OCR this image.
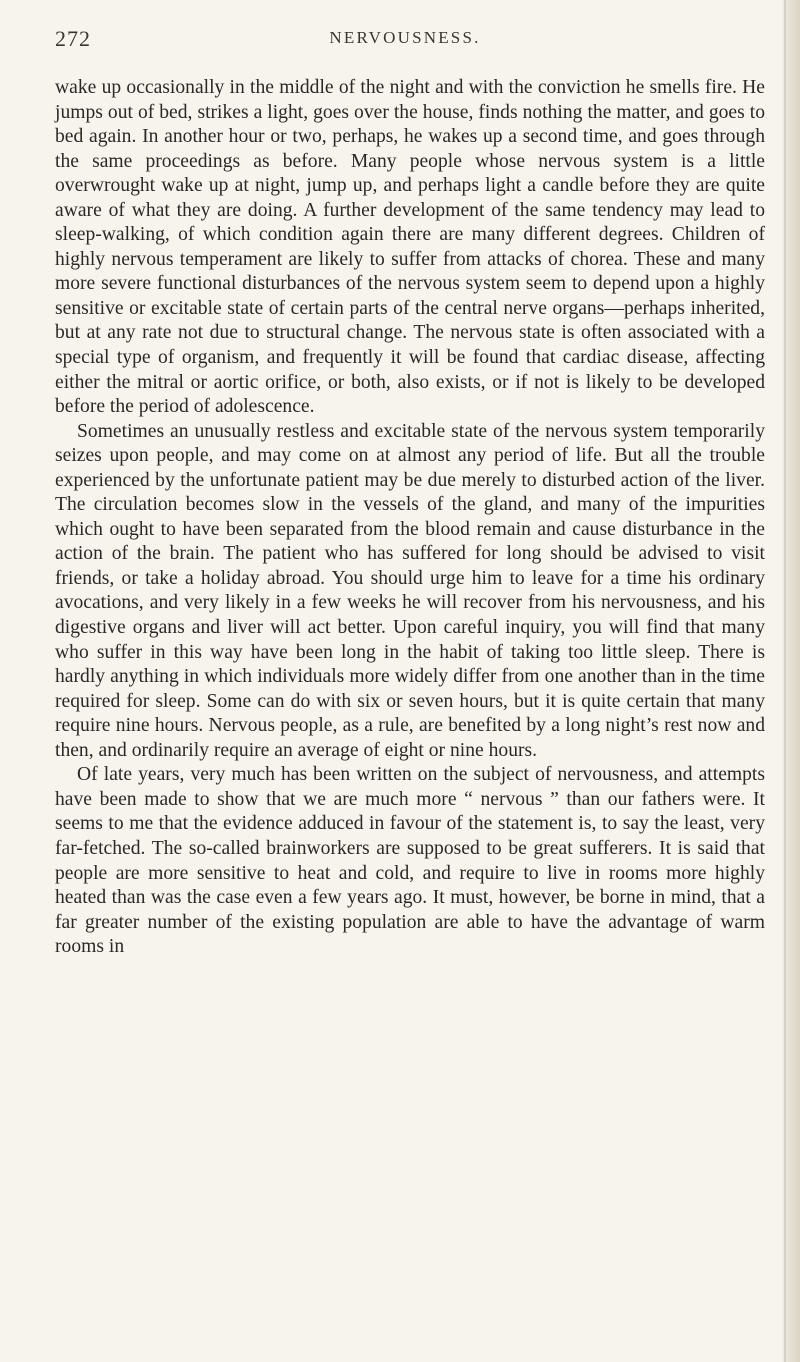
272	NERVOUSNESS.

wake up occasionally in the middle of the night and with the conviction he smells fire. He jumps out of bed, strikes a light, goes over the house, finds nothing the matter, and goes to bed again. In another hour or two, perhaps, he wakes up a second time, and goes through the same proceedings as before. Many people whose nervous system is a little overwrought wake up at night, jump up, and perhaps light a candle before they are quite aware of what they are doing. A further development of the same tendency may lead to sleep-walking, of which condition again there are many different degrees. Children of highly nervous temperament are likely to suffer from attacks of chorea. These and many more severe functional disturbances of the nervous system seem to depend upon a highly sensitive or excitable state of certain parts of the central nerve organs—perhaps inherited, but at any rate not due to structural change. The nervous state is often associated with a special type of organism, and frequently it will be found that cardiac disease, affecting either the mitral or aortic orifice, or both, also exists, or if not is likely to be developed before the period of adolescence.

Sometimes an unusually restless and excitable state of the nervous system temporarily seizes upon people, and may come on at almost any period of life. But all the trouble experienced by the unfortunate patient may be due merely to disturbed action of the liver. The circulation becomes slow in the vessels of the gland, and many of the impurities which ought to have been separated from the blood remain and cause disturbance in the action of the brain. The patient who has suffered for long should be advised to visit friends, or take a holiday abroad. You should urge him to leave for a time his ordinary avocations, and very likely in a few weeks he will recover from his nervousness, and his digestive organs and liver will act better. Upon careful inquiry, you will find that many who suffer in this way have been long in the habit of taking too little sleep. There is hardly anything in which individuals more widely differ from one another than in the time required for sleep. Some can do with six or seven hours, but it is quite certain that many require nine hours. Nervous people, as a rule, are benefited by a long night’s rest now and then, and ordinarily require an average of eight or nine hours.

Of late years, very much has been written on the subject of nervousness, and attempts have been made to show that we are much more “ nervous ” than our fathers were. It seems to me that the evidence adduced in favour of the statement is, to say the least, very far-fetched. The so-called brainworkers are supposed to be great sufferers. It is said that people are more sensitive to heat and cold, and require to live in rooms more highly heated than was the case even a few years ago. It must, however, be borne in mind, that a far greater number of the existing population are able to have the advantage of warm rooms in
